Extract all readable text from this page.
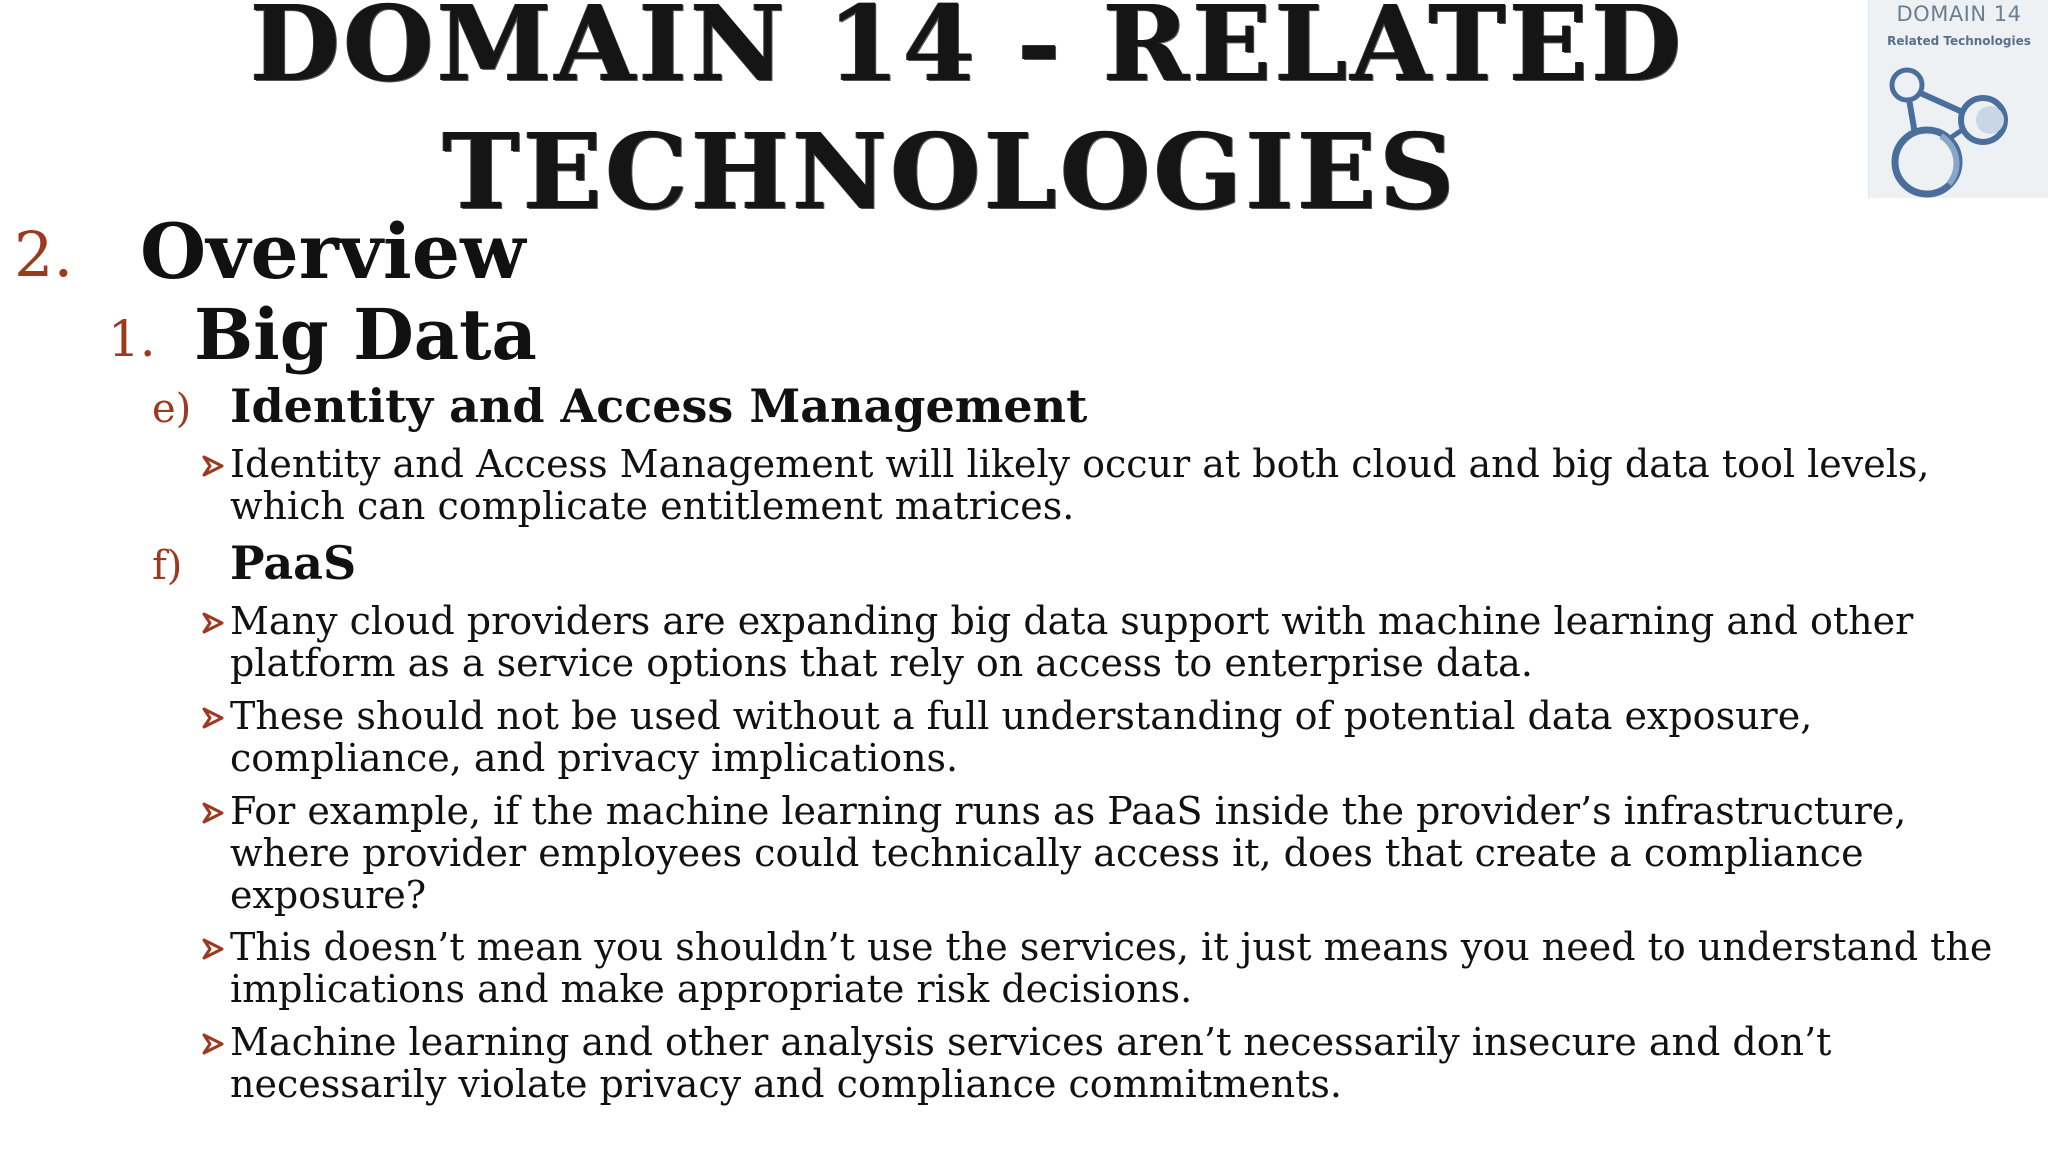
DOMAIN 14 - RELATED
TECHNOLOGIES
DOMAIN 14
Related Technologies
2. Overview
1. Big Data
e) Identity and Access Management
Identity and Access Management will likely occur at both cloud and big data tool levels,
which can complicate entitlement matrices.
f) PaaS
Many cloud providers are expanding big data support with machine learning and other
platform as a service options that rely on access to enterprise data.
These should not be used without a full understanding of potential data exposure,
compliance, and privacy implications.
For example, if the machine learning runs as PaaS inside the provider’s infrastructure,
where provider employees could technically access it, does that create a compliance
exposure?
This doesn’t mean you shouldn’t use the services, it just means you need to understand the
implications and make appropriate risk decisions.
Machine learning and other analysis services aren’t necessarily insecure and don’t
necessarily violate privacy and compliance commitments.
